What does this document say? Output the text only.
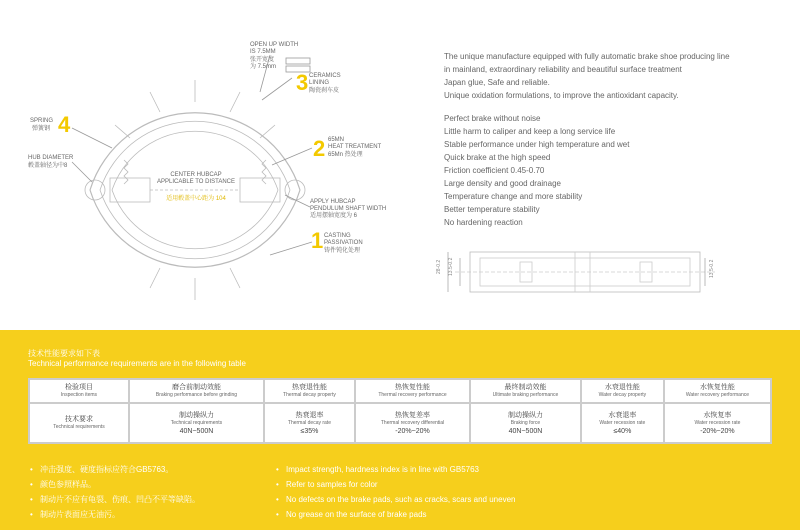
28-0.2 13.5-0.2	13.5-0.2
OPEN UP WIDTH
IS 7.5MM
张开宽度
为 7.5mm
3 CERAMICS
LINING
陶瓷刹车皮
4
SPRING
弹簧钢
HUB DIAMETER
毂盖轴径为中8
2 65MN
HEAT TREATMENT
65Mn 热处理
CENTER HUBCAP
APPLICABLE TO DISTANCE
适用毂盖中心距为 104	APPLY HUBCAP
PENDULUM SHAFT WIDTH
适用摆轴宽度为 6
1 CASTING
PASSIVATION
铸件钝化处理
The unique manufacture equipped with fully automatic brake shoe producing line
in mainland, extraordinary reliability and beautiful surface treatment
Japan glue, Safe and reliable.
Unique oxidation formulations, to improve the antioxidant capacity.
Perfect brake without noise
Little harm to caliper and keep a long service life
Stable performance under high temperature and wet
Quick brake at the high speed
Friction coefficient 0.45-0.70
Large density and good drainage
Temperature change and more stability
Better temperature stability
No hardening reaction
技术性能要求如下表
Technical performance requirements are in the following table
检验项目
Inspection items	磨合前制动效能
Braking performance before grinding	热衰退性能
Thermal decay property	热恢复性能
Thermal recovery performance	最终制动效能
Ultimate braking performance	水衰退性能
Water decay property	水恢复性能
Water recovery performance

技术要求
Technical requirements	制动操纵力
Technical requirements
40N~500N	热衰退率
Thermal decay rate
≤35%	热恢复差率
Thermal recovery differential
-20%~20%	制动操纵力
Braking force
40N~500N	水衰退率
Water recession rate
≤40%	水恢复率
Water recession rate
-20%~20%
• 冲击强度、硬度指标应符合GB5763。
• 颜色参照样品。
• 制动片不应有龟裂、伤痕、凹凸不平等缺陷。
• 制动片表面应无油污。
• Impact strength, hardness index is in line with GB5763
• Refer to samples for color
• No defects on the brake pads, such as cracks, scars and uneven
• No grease on the surface of brake pads
